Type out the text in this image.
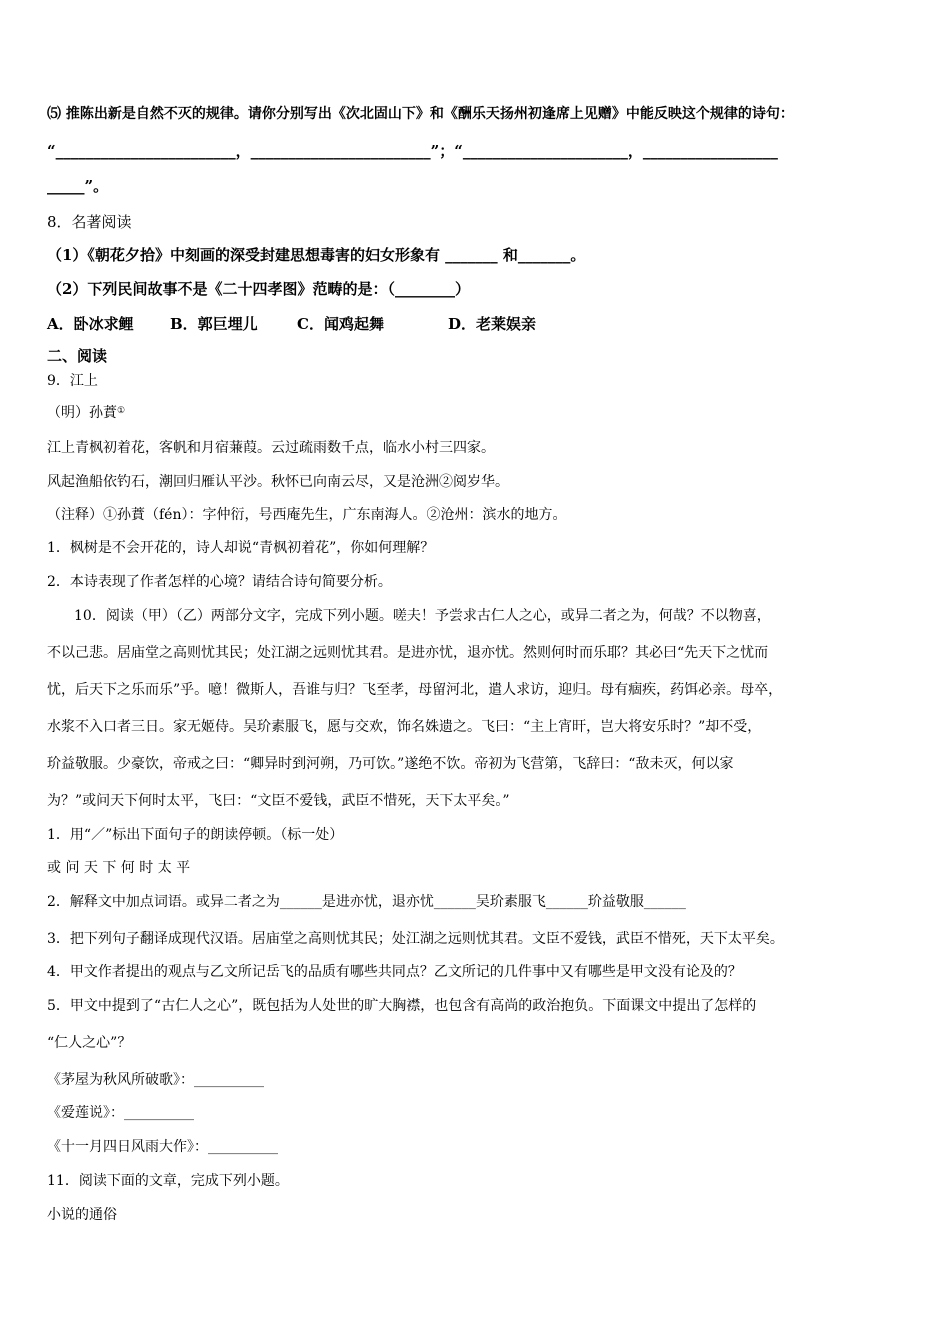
⑸ 推陈出新是自然不灭的规律。请你分别写出《次北固山下》和《酬乐天扬州初逢席上见赠》中能反映这个规律的诗句：
“________________________，________________________”；“______________________，__________________
_____”。
8．名著阅读
（1）《朝花夕拾》中刻画的深受封建思想毒害的妇女形象有 _______ 和_______。
（2）下列民间故事不是《二十四孝图》范畴的是：（________）
A．卧冰求鲤 B．郭巨埋儿	C．闻鸡起舞	D．老莱娱亲
二、阅读
9．江上
（明）孙蕡①
江上青枫初着花，客帆和月宿蒹葭。云过疏雨数千点，临水小村三四家。
风起渔船依钓石，潮回归雁认平沙。秋怀已向南云尽，又是沧洲②阅岁华。
（注释）①孙蕡（fén）：字仲衍，号西庵先生，广东南海人。②沧州：滨水的地方。
1．枫树是不会开花的，诗人却说“青枫初着花”，你如何理解？
2．本诗表现了作者怎样的心境？请结合诗句简要分析。
10．阅读（甲）（乙）两部分文字，完成下列小题。嗟夫！予尝求古仁人之心，或异二者之为，何哉？不以物喜，
不以己悲。居庙堂之高则忧其民；处江湖之远则忧其君。是进亦忧，退亦忧。然则何时而乐耶？其必曰“先天下之忧而
忧，后天下之乐而乐”乎。噫！微斯人，吾谁与归？飞至孝，母留河北，遣人求访，迎归。母有痼疾，药饵必亲。母卒，
水浆不入口者三日。家无姬侍。吴玠素服飞，愿与交欢，饰名姝遗之。飞曰：“主上宵旰，岂大将安乐时？”却不受，
玠益敬服。少豪饮，帝戒之曰：“卿异时到河朔，乃可饮。”遂绝不饮。帝初为飞营第，飞辞曰：“敌未灭，何以家
为？”或问天下何时太平，飞曰：“文臣不爱钱，武臣不惜死，天下太平矣。”
1．用“／”标出下面句子的朗读停顿。（标一处）
或 问 天 下 何 时 太 平
2．解释文中加点词语。或异二者之为______是进亦忧，退亦忧______吴玠素服飞______玠益敬服______
3．把下列句子翻译成现代汉语。居庙堂之高则忧其民；处江湖之远则忧其君。文臣不爱钱，武臣不惜死，天下太平矣。
4．甲文作者提出的观点与乙文所记岳飞的品质有哪些共同点？乙文所记的几件事中又有哪些是甲文没有论及的？
5．甲文中提到了“古仁人之心”，既包括为人处世的旷大胸襟，也包含有高尚的政治抱负。下面课文中提出了怎样的
“仁人之心”？
《茅屋为秋风所破歌》：__________
《爱莲说》：__________
《十一月四日风雨大作》：__________
11．阅读下面的文章，完成下列小题。
小说的通俗
